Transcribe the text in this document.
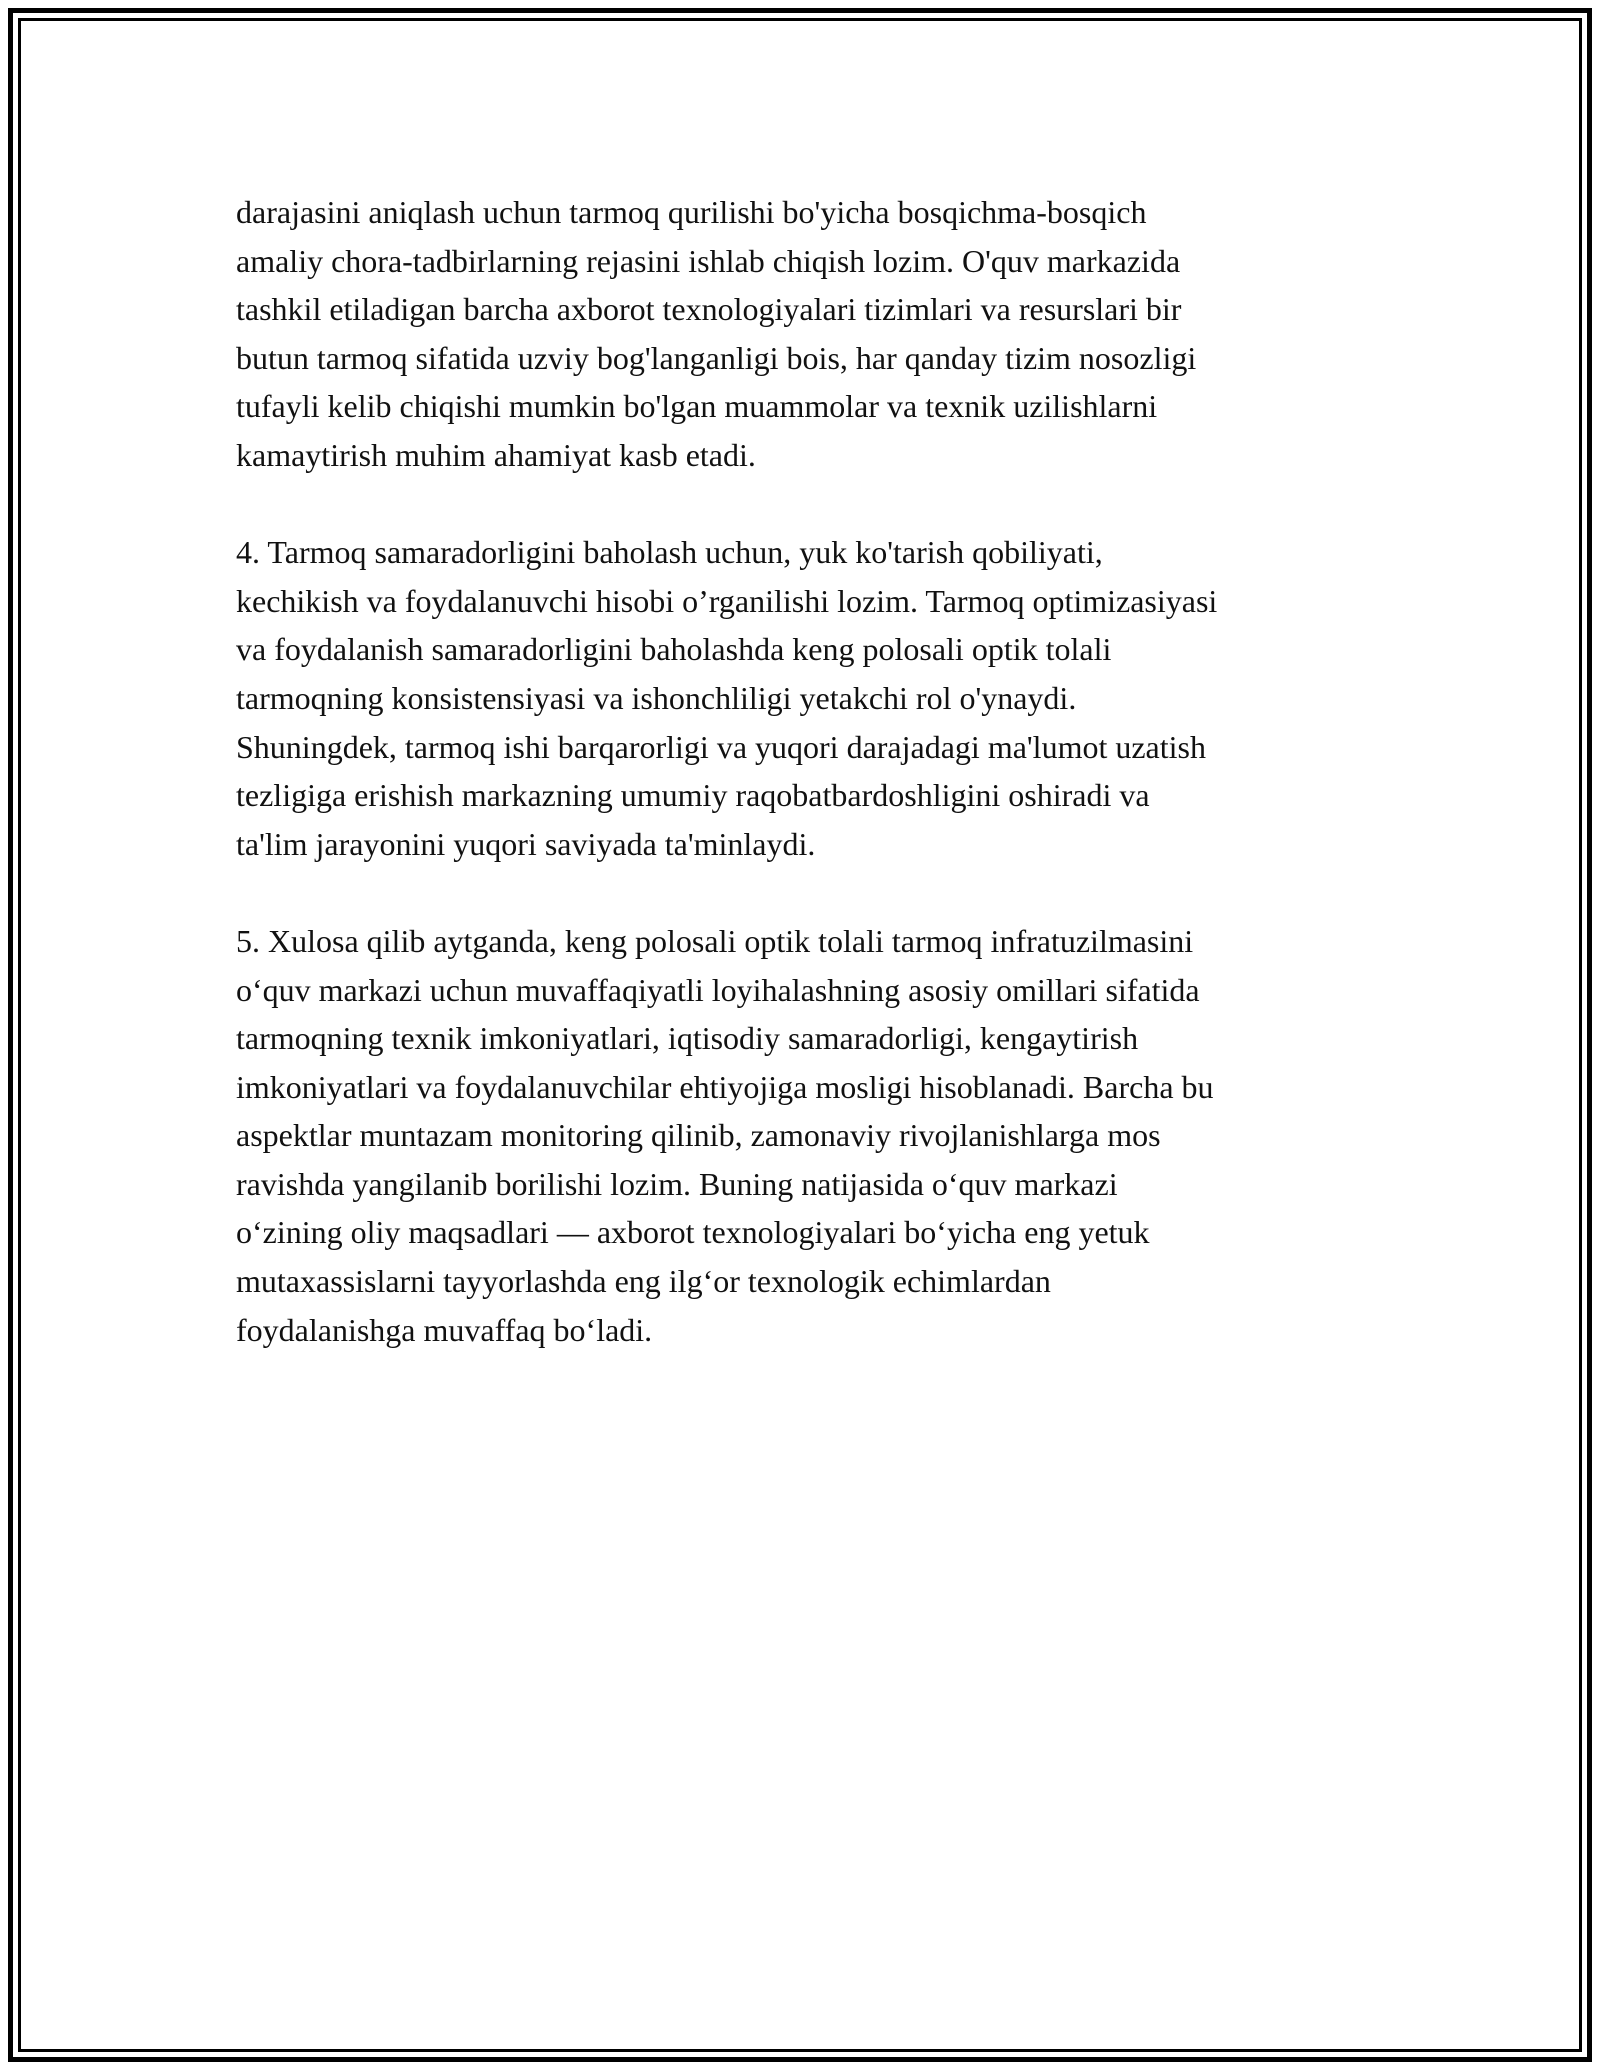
darajasini aniqlash uchun tarmoq qurilishi bo'yicha bosqichma-bosqich
amaliy chora-tadbirlarning rejasini ishlab chiqish lozim. O'quv markazida
tashkil etiladigan barcha axborot texnologiyalari tizimlari va resurslari bir
butun tarmoq sifatida uzviy bog'langanligi bois, har qanday tizim nosozligi
tufayli kelib chiqishi mumkin bo'lgan muammolar va texnik uzilishlarni
kamaytirish muhim ahamiyat kasb etadi.

4. Tarmoq samaradorligini baholash uchun, yuk ko'tarish qobiliyati,
kechikish va foydalanuvchi hisobi o’rganilishi lozim. Tarmoq optimizasiyasi
va foydalanish samaradorligini baholashda keng polosali optik tolali
tarmoqning konsistensiyasi va ishonchliligi yetakchi rol o'ynaydi.
Shuningdek, tarmoq ishi barqarorligi va yuqori darajadagi ma'lumot uzatish
tezligiga erishish markazning umumiy raqobatbardoshligini oshiradi va
ta'lim jarayonini yuqori saviyada ta'minlaydi.

5. Xulosa qilib aytganda, keng polosali optik tolali tarmoq infratuzilmasini
o‘quv markazi uchun muvaffaqiyatli loyihalashning asosiy omillari sifatida
tarmoqning texnik imkoniyatlari, iqtisodiy samaradorligi, kengaytirish
imkoniyatlari va foydalanuvchilar ehtiyojiga mosligi hisoblanadi. Barcha bu
aspektlar muntazam monitoring qilinib, zamonaviy rivojlanishlarga mos
ravishda yangilanib borilishi lozim. Buning natijasida o‘quv markazi
o‘zining oliy maqsadlari — axborot texnologiyalari bo‘yicha eng yetuk
mutaxassislarni tayyorlashda eng ilg‘or texnologik echimlardan
foydalanishga muvaffaq bo‘ladi.
